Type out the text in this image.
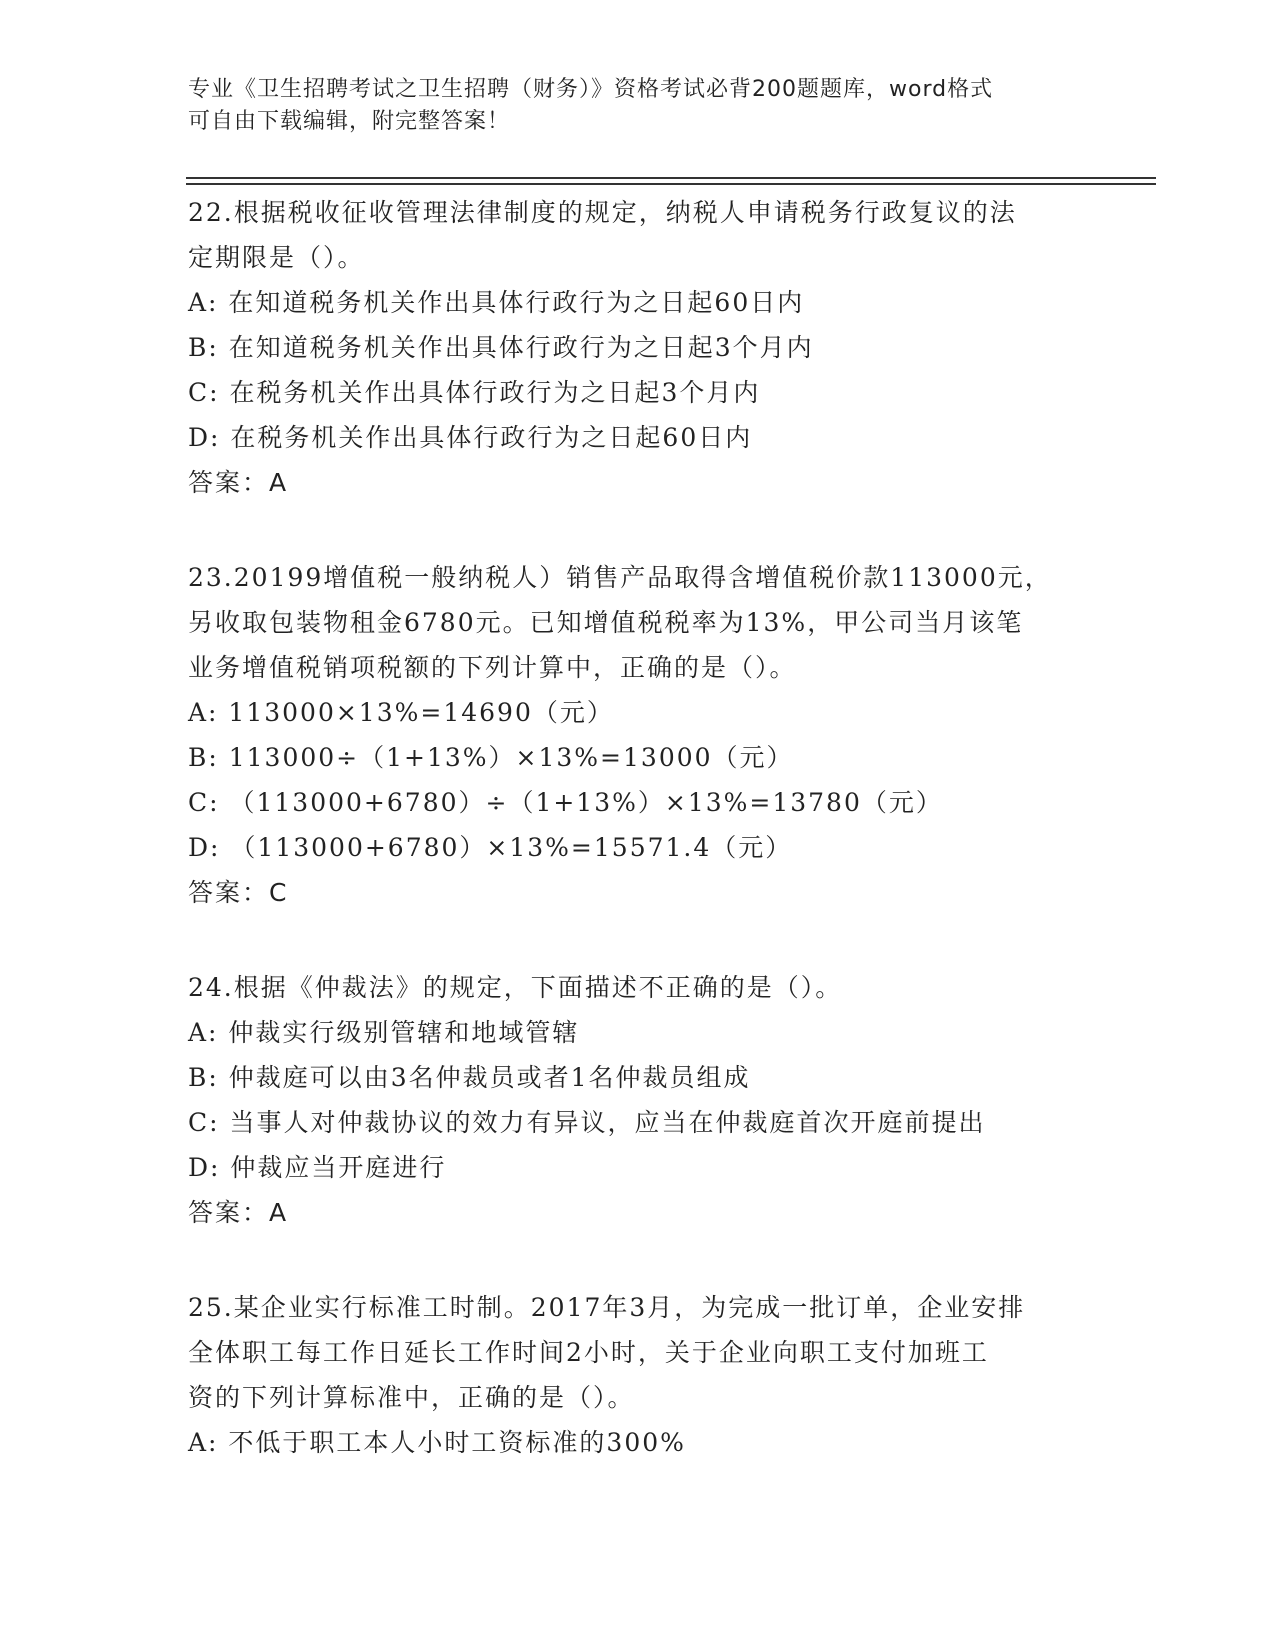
专业《卫生招聘考试之卫生招聘（财务）》资格考试必背200题题库，word格式
可自由下载编辑，附完整答案！
22.根据税收征收管理法律制度的规定，纳税人申请税务行政复议的法
定期限是（）。
A: 在知道税务机关作出具体行政行为之日起60日内
B: 在知道税务机关作出具体行政行为之日起3个月内
C: 在税务机关作出具体行政行为之日起3个月内
D: 在税务机关作出具体行政行为之日起60日内
答案：A
23.20199增值税一般纳税人）销售产品取得含增值税价款113000元，
另收取包装物租金6780元。已知增值税税率为13%，甲公司当月该笔
业务增值税销项税额的下列计算中，正确的是（）。
A: 113000×13%=14690（元）
B: 113000÷（1+13%）×13%=13000（元）
C: （113000+6780）÷（1+13%）×13%=13780（元）
D: （113000+6780）×13%=15571.4（元）
答案：C
24.根据《仲裁法》的规定，下面描述不正确的是（）。
A: 仲裁实行级别管辖和地域管辖
B: 仲裁庭可以由3名仲裁员或者1名仲裁员组成
C: 当事人对仲裁协议的效力有异议，应当在仲裁庭首次开庭前提出
D: 仲裁应当开庭进行
答案：A
25.某企业实行标准工时制。2017年3月，为完成一批订单，企业安排
全体职工每工作日延长工作时间2小时，关于企业向职工支付加班工
资的下列计算标准中，正确的是（）。
A: 不低于职工本人小时工资标准的300%
